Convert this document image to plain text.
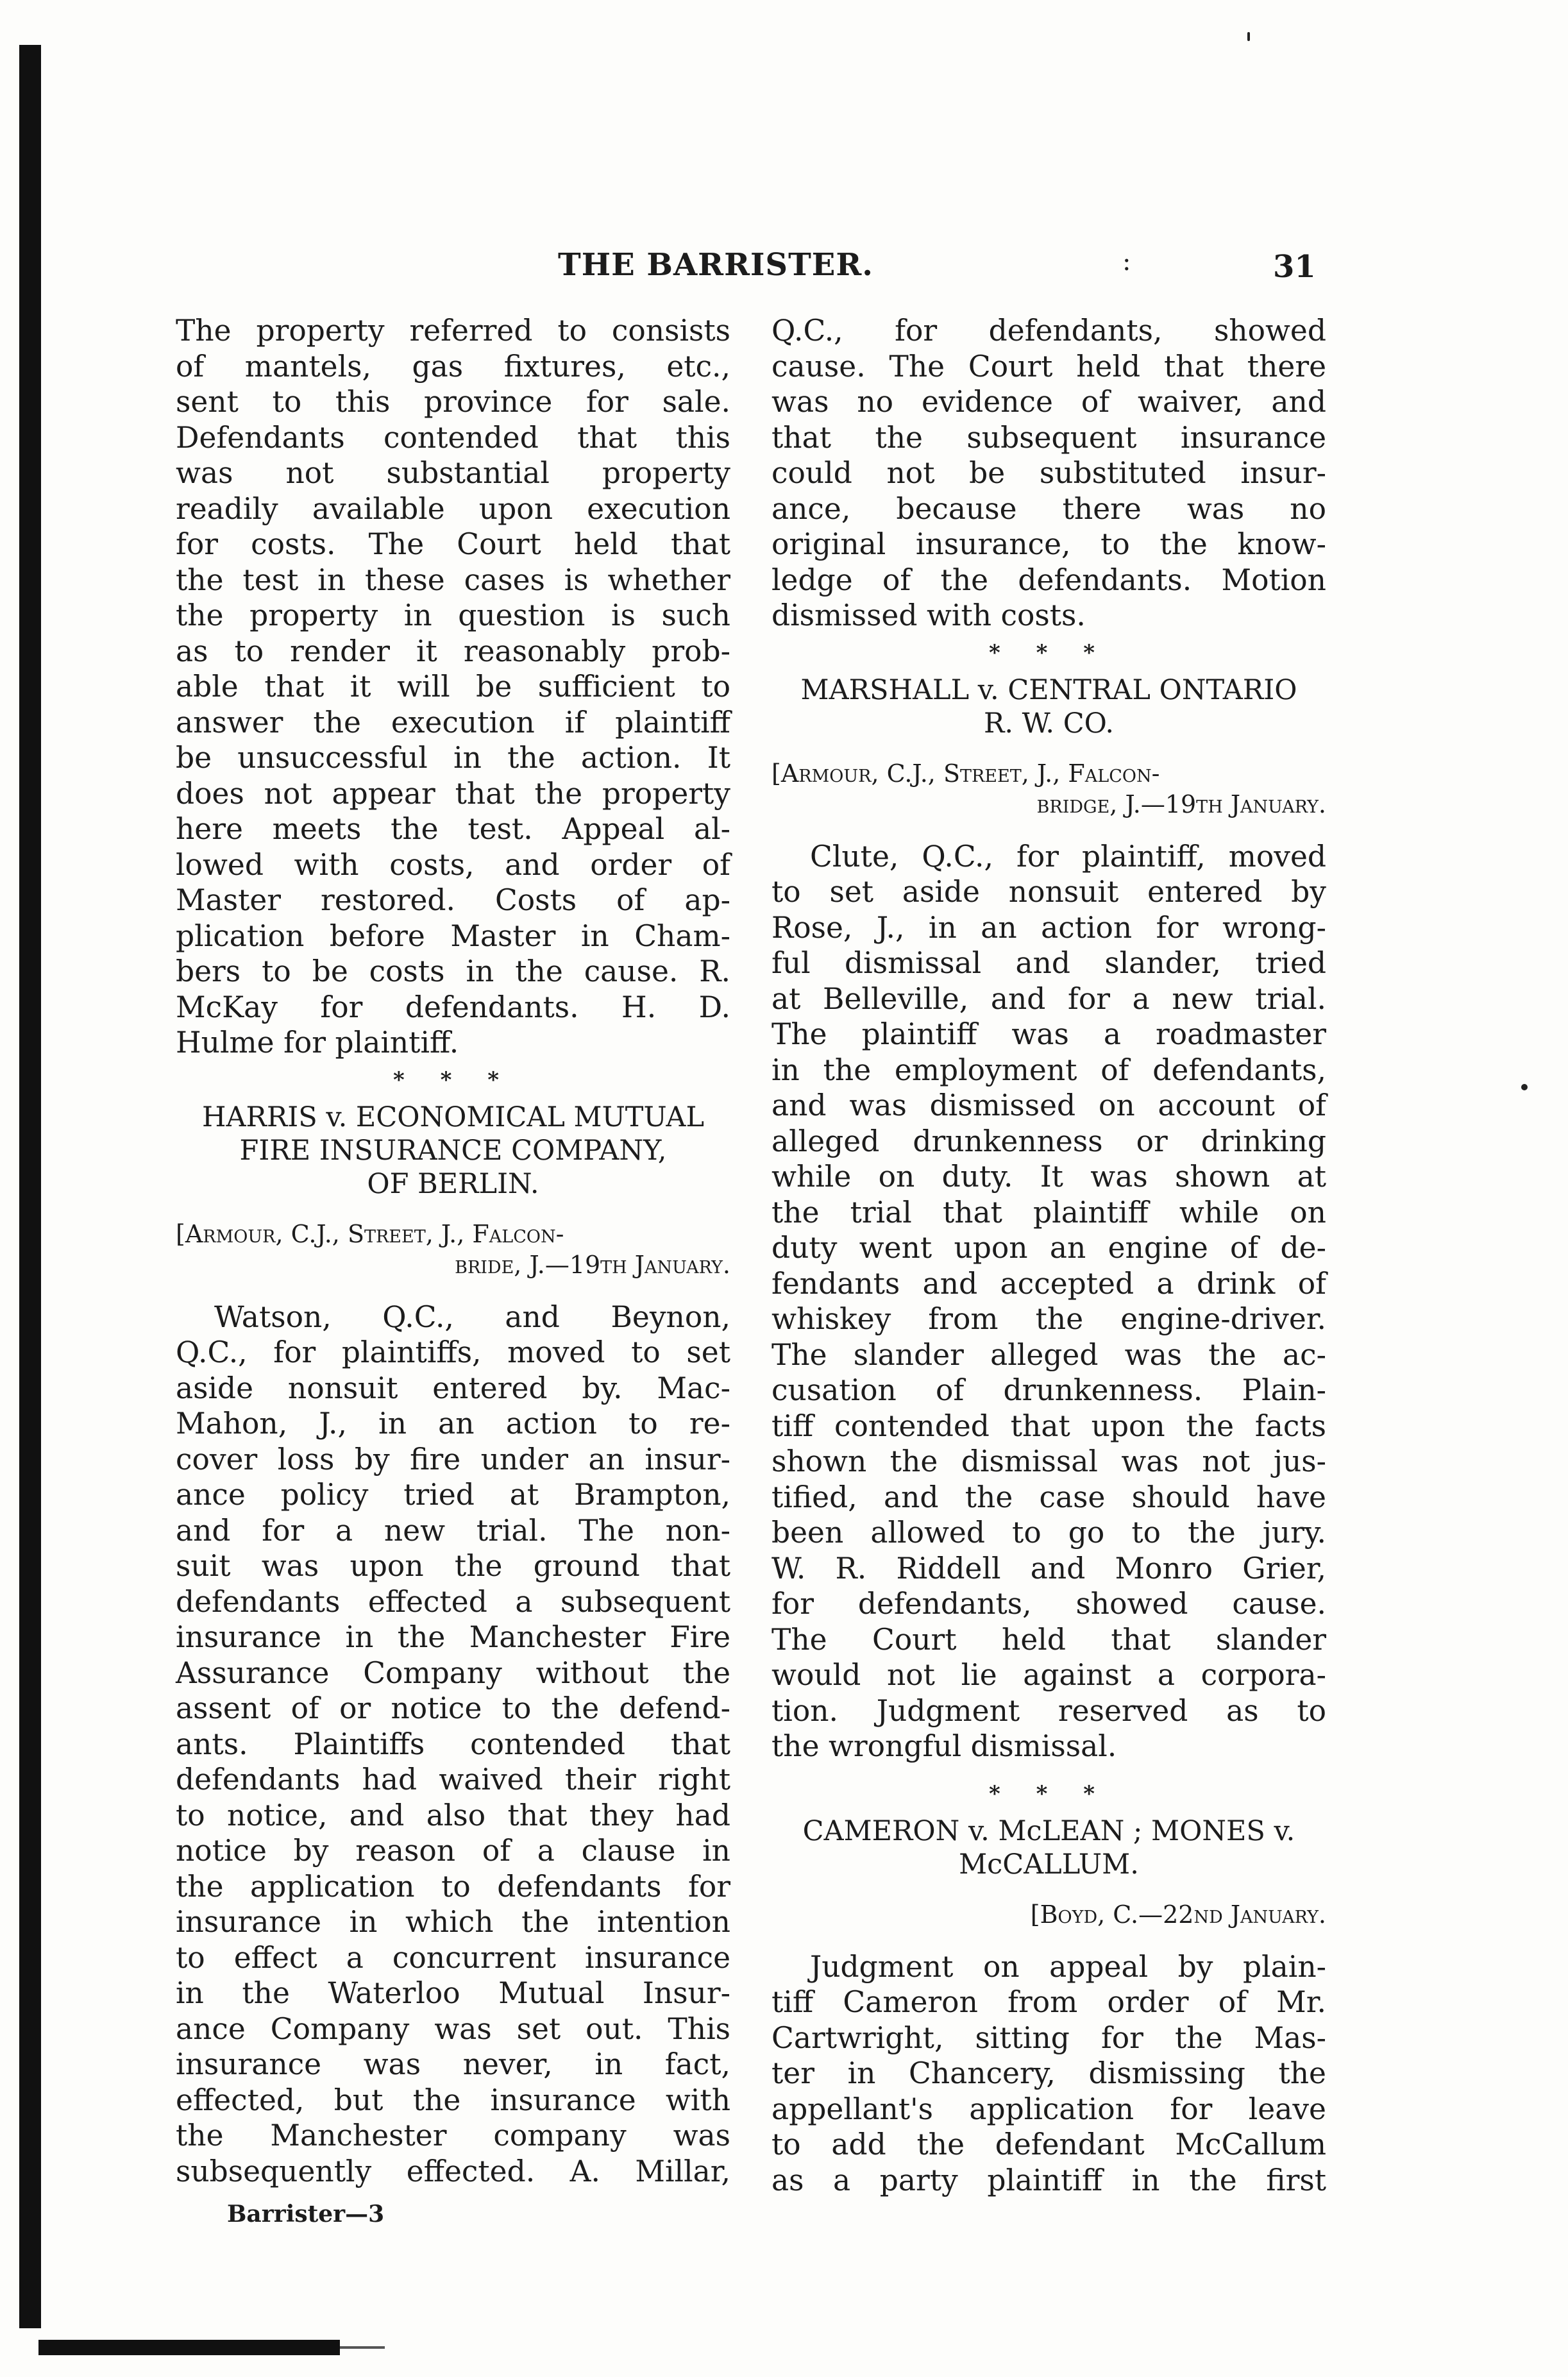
THE BARRISTER.	:	31
The property referred to consists
of mantels, gas fixtures, etc.,
sent to this province for sale.
Defendants contended that this
was not substantial property
readily available upon execution
for costs. The Court held that
the test in these cases is whether
the property in question is such
as to render it reasonably prob-
able that it will be sufficient to
answer the execution if plaintiff
be unsuccessful in the action. It
does not appear that the property
here meets the test. Appeal al-
lowed with costs, and order of
Master restored. Costs of ap-
plication before Master in Cham-
bers to be costs in the cause. R.
McKay for defendants. H. D.
Hulme for plaintiff.
* * *
HARRIS v. ECONOMICAL MUTUAL
FIRE INSURANCE COMPANY,
OF BERLIN.
[Armour, C.J., Street, J., Falcon-
bride, J.—19th January.
Watson, Q.C., and Beynon,
Q.C., for plaintiffs, moved to set
aside nonsuit entered by. Mac-
Mahon, J., in an action to re-
cover loss by fire under an insur-
ance policy tried at Brampton,
and for a new trial. The non-
suit was upon the ground that
defendants effected a subsequent
insurance in the Manchester Fire
Assurance Company without the
assent of or notice to the defend-
ants. Plaintiffs contended that
defendants had waived their right
to notice, and also that they had
notice by reason of a clause in
the application to defendants for
insurance in which the intention
to effect a concurrent insurance
in the Waterloo Mutual Insur-
ance Company was set out. This
insurance was never, in fact,
effected, but the insurance with
the Manchester company was
subsequently effected. A. Millar,
Barrister—3
Q.C., for defendants, showed
cause. The Court held that there
was no evidence of waiver, and
that the subsequent insurance
could not be substituted insur-
ance, because there was no
original insurance, to the know-
ledge of the defendants. Motion
dismissed with costs.
* * *
MARSHALL v. CENTRAL ONTARIO
R. W. CO.
[Armour, C.J., Street, J., Falcon-
bridge, J.—19th January.
Clute, Q.C., for plaintiff, moved
to set aside nonsuit entered by
Rose, J., in an action for wrong-
ful dismissal and slander, tried
at Belleville, and for a new trial.
The plaintiff was a roadmaster
in the employment of defendants,
and was dismissed on account of
alleged drunkenness or drinking
while on duty. It was shown at
the trial that plaintiff while on
duty went upon an engine of de-
fendants and accepted a drink of
whiskey from the engine-driver.
The slander alleged was the ac-
cusation of drunkenness. Plain-
tiff contended that upon the facts
shown the dismissal was not jus-
tified, and the case should have
been allowed to go to the jury.
W. R. Riddell and Monro Grier,
for defendants, showed cause.
The Court held that slander
would not lie against a corpora-
tion. Judgment reserved as to
the wrongful dismissal.
* * *
CAMERON v. McLEAN ; MONES v.
McCALLUM.
[Boyd, C.—22nd January.
Judgment on appeal by plain-
tiff Cameron from order of Mr.
Cartwright, sitting for the Mas-
ter in Chancery, dismissing the
appellant's application for leave
to add the defendant McCallum
as a party plaintiff in the first
